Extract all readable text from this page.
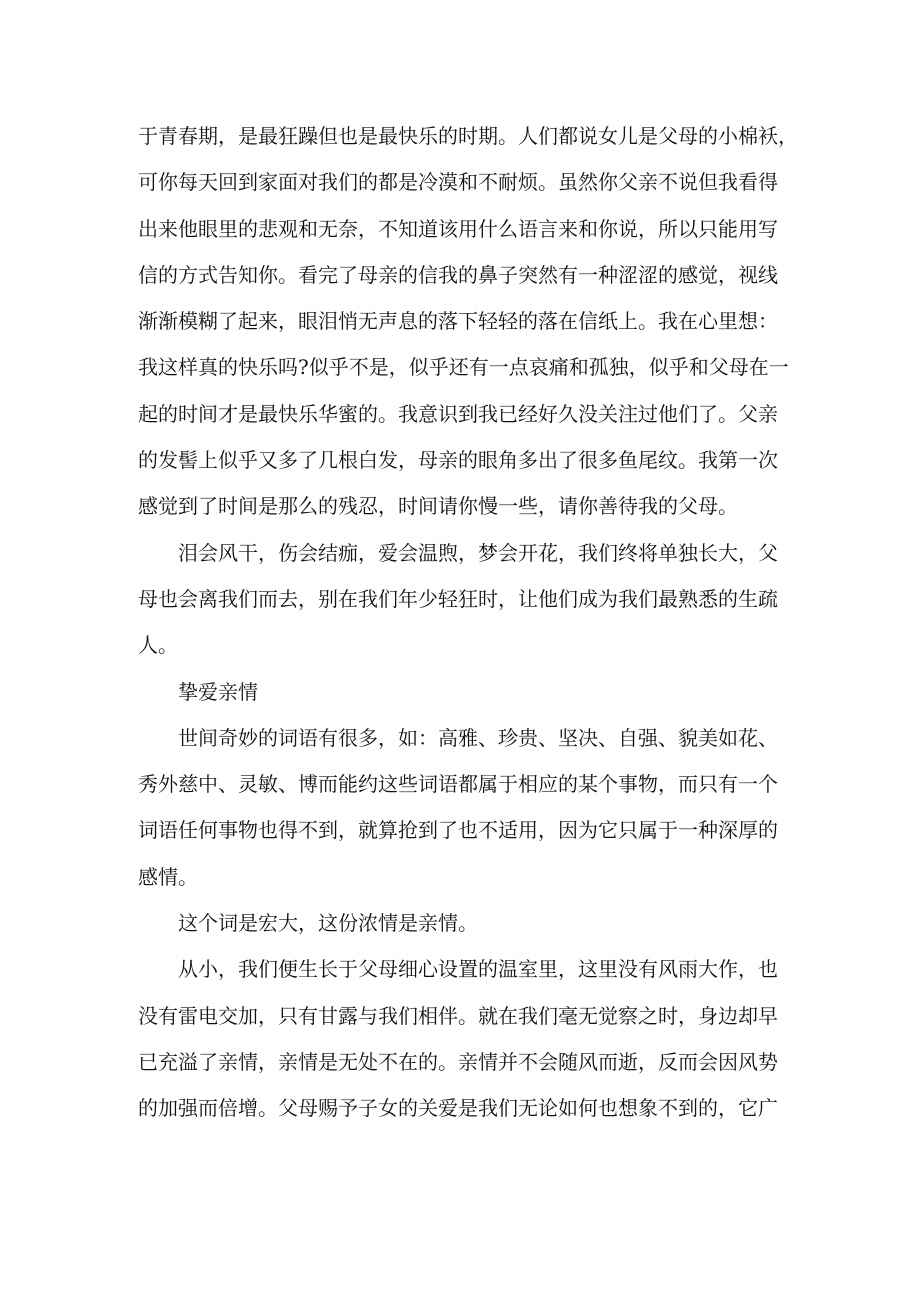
于青春期，是最狂躁但也是最快乐的时期。人们都说女儿是父母的小棉袄，
可你每天回到家面对我们的都是冷漠和不耐烦。虽然你父亲不说但我看得
出来他眼里的悲观和无奈，不知道该用什么语言来和你说，所以只能用写
信的方式告知你。看完了母亲的信我的鼻子突然有一种涩涩的感觉，视线
渐渐模糊了起来，眼泪悄无声息的落下轻轻的落在信纸上。我在心里想：
我这样真的快乐吗?似乎不是，似乎还有一点哀痛和孤独，似乎和父母在一
起的时间才是最快乐华蜜的。我意识到我已经好久没关注过他们了。父亲
的发髻上似乎又多了几根白发，母亲的眼角多出了很多鱼尾纹。我第一次
感觉到了时间是那么的残忍，时间请你慢一些，请你善待我的父母。
泪会风干，伤会结痂，爱会温煦，梦会开花，我们终将单独长大，父
母也会离我们而去，别在我们年少轻狂时，让他们成为我们最熟悉的生疏
人。
挚爱亲情
世间奇妙的词语有很多，如：高雅、珍贵、坚决、自强、貌美如花、
秀外慈中、灵敏、博而能约这些词语都属于相应的某个事物，而只有一个
词语任何事物也得不到，就算抢到了也不适用，因为它只属于一种深厚的
感情。
这个词是宏大，这份浓情是亲情。
从小，我们便生长于父母细心设置的温室里，这里没有风雨大作，也
没有雷电交加，只有甘露与我们相伴。就在我们毫无觉察之时，身边却早
已充溢了亲情，亲情是无处不在的。亲情并不会随风而逝，反而会因风势
的加强而倍增。父母赐予子女的关爱是我们无论如何也想象不到的，它广
